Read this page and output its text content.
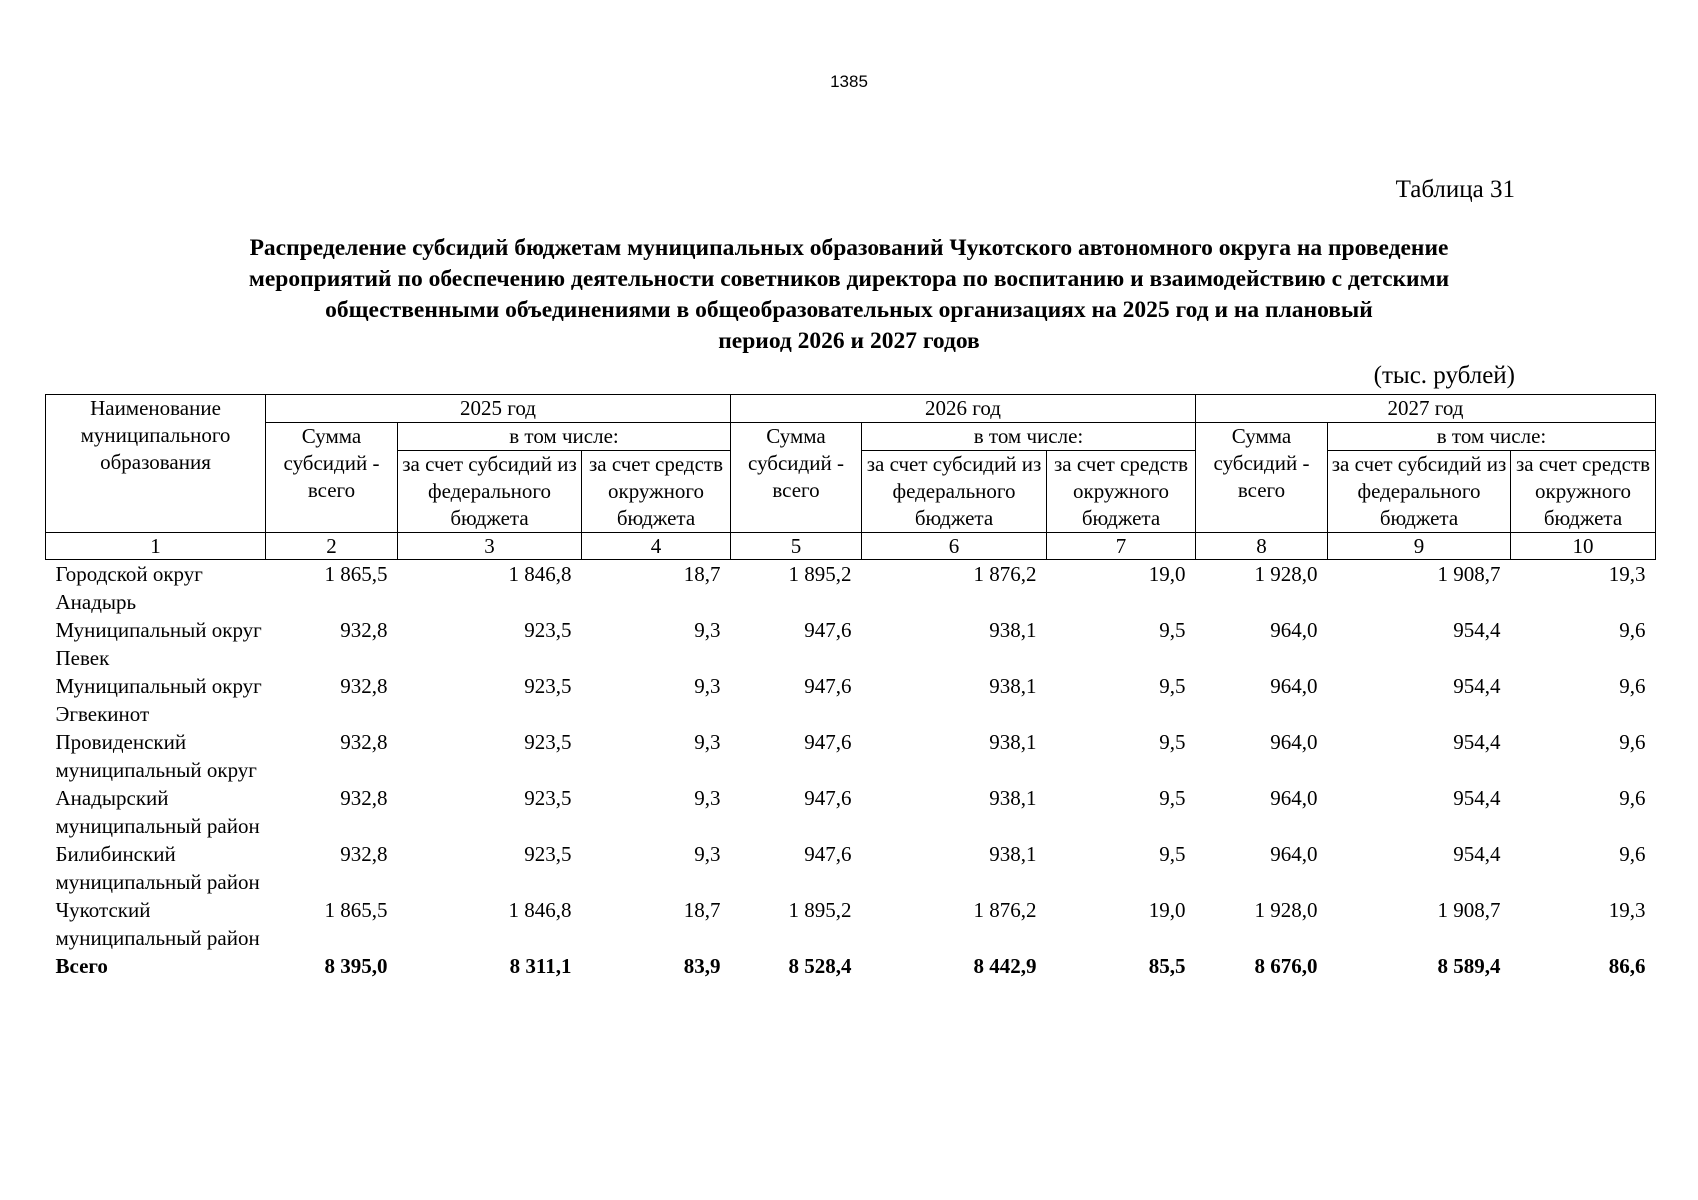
1385
Таблица 31
Распределение субсидий бюджетам муниципальных образований Чукотского автономного округа на проведение
мероприятий по обеспечению деятельности советников директора по воспитанию и взаимодействию с детскими
общественными объединениями в общеобразовательных организациях на 2025 год и на плановый
период 2026 и 2027 годов
(тыс. рублей)
Наименование муниципального образования	2025 год			2026 год			2027 год		
	Сумма субсидий - всего	в том числе:		Сумма субсидий - всего	в том числе:		Сумма субсидий - всего	в том числе:	
		за счет субсидий из федерального бюджета	за счет средств окружного бюджета		за счет субсидий из федерального бюджета	за счет средств окружного бюджета		за счет субсидий из федерального бюджета	за счет средств окружного бюджета
1	2	3	4	5	6	7	8	9	10
Городской округ Анадырь	1 865,5	1 846,8	18,7	1 895,2	1 876,2	19,0	1 928,0	1 908,7	19,3
Муниципальный округ Певек	932,8	923,5	9,3	947,6	938,1	9,5	964,0	954,4	9,6
Муниципальный округ Эгвекинот	932,8	923,5	9,3	947,6	938,1	9,5	964,0	954,4	9,6
Провиденский муниципальный округ	932,8	923,5	9,3	947,6	938,1	9,5	964,0	954,4	9,6
Анадырский муниципальный район	932,8	923,5	9,3	947,6	938,1	9,5	964,0	954,4	9,6
Билибинский муниципальный район	932,8	923,5	9,3	947,6	938,1	9,5	964,0	954,4	9,6
Чукотский муниципальный район	1 865,5	1 846,8	18,7	1 895,2	1 876,2	19,0	1 928,0	1 908,7	19,3
Всего	8 395,0	8 311,1	83,9	8 528,4	8 442,9	85,5	8 676,0	8 589,4	86,6
